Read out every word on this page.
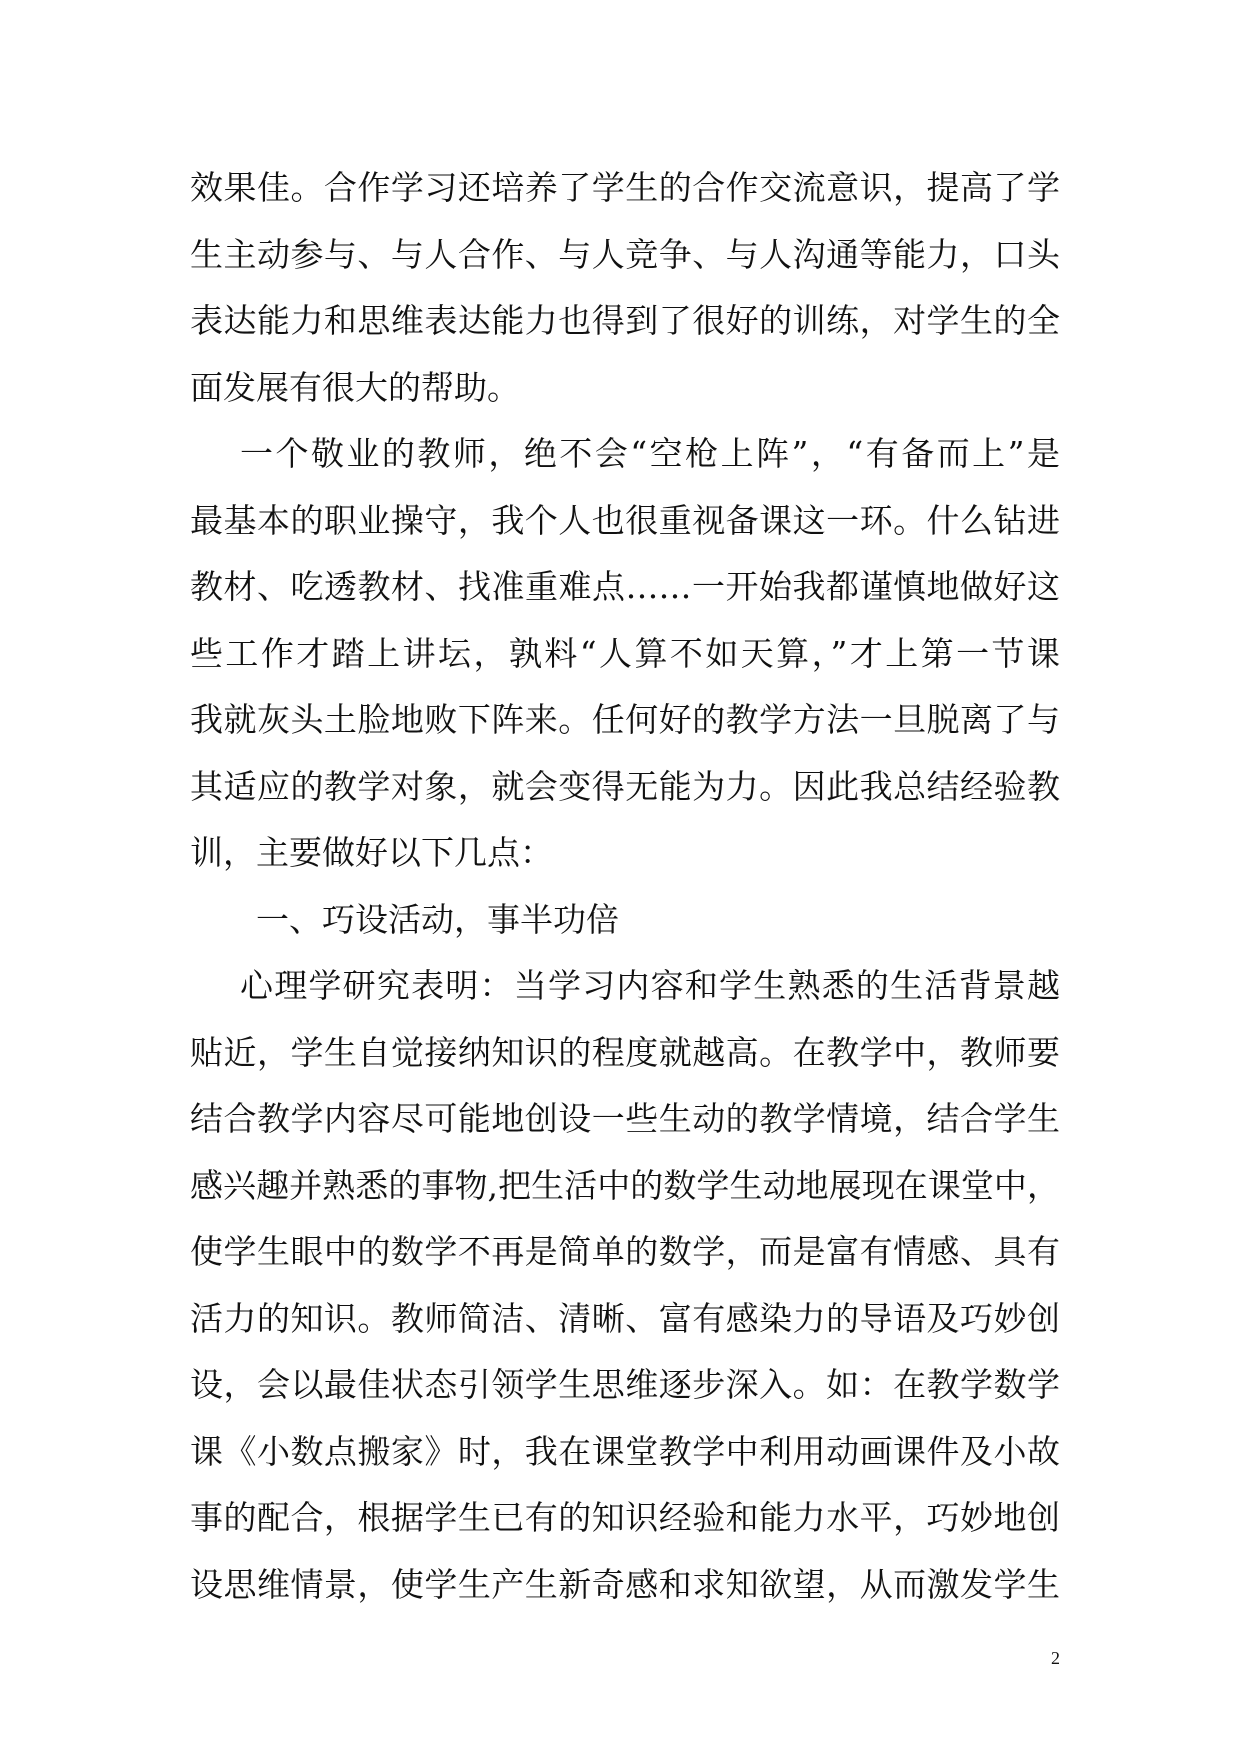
效果佳。合作学习还培养了学生的合作交流意识，提高了学
生主动参与、与人合作、与人竞争、与人沟通等能力，口头
表达能力和思维表达能力也得到了很好的训练，对学生的全
面发展有很大的帮助。
一个敬业的教师，绝不会“空枪上阵”，“有备而上”是
最基本的职业操守，我个人也很重视备课这一环。什么钻进
教材、吃透教材、找准重难点……一开始我都谨慎地做好这
些工作才踏上讲坛，孰料“人算不如天算，”才上第一节课
我就灰头土脸地败下阵来。任何好的教学方法一旦脱离了与
其适应的教学对象，就会变得无能为力。因此我总结经验教
训，主要做好以下几点：
一、巧设活动，事半功倍
心理学研究表明：当学习内容和学生熟悉的生活背景越
贴近，学生自觉接纳知识的程度就越高。在教学中，教师要
结合教学内容尽可能地创设一些生动的教学情境，结合学生
感兴趣并熟悉的事物,把生活中的数学生动地展现在课堂中，
使学生眼中的数学不再是简单的数学，而是富有情感、具有
活力的知识。教师简洁、清晰、富有感染力的导语及巧妙创
设，会以最佳状态引领学生思维逐步深入。如：在教学数学
课《小数点搬家》时，我在课堂教学中利用动画课件及小故
事的配合，根据学生已有的知识经验和能力水平，巧妙地创
设思维情景，使学生产生新奇感和求知欲望，从而激发学生
2
